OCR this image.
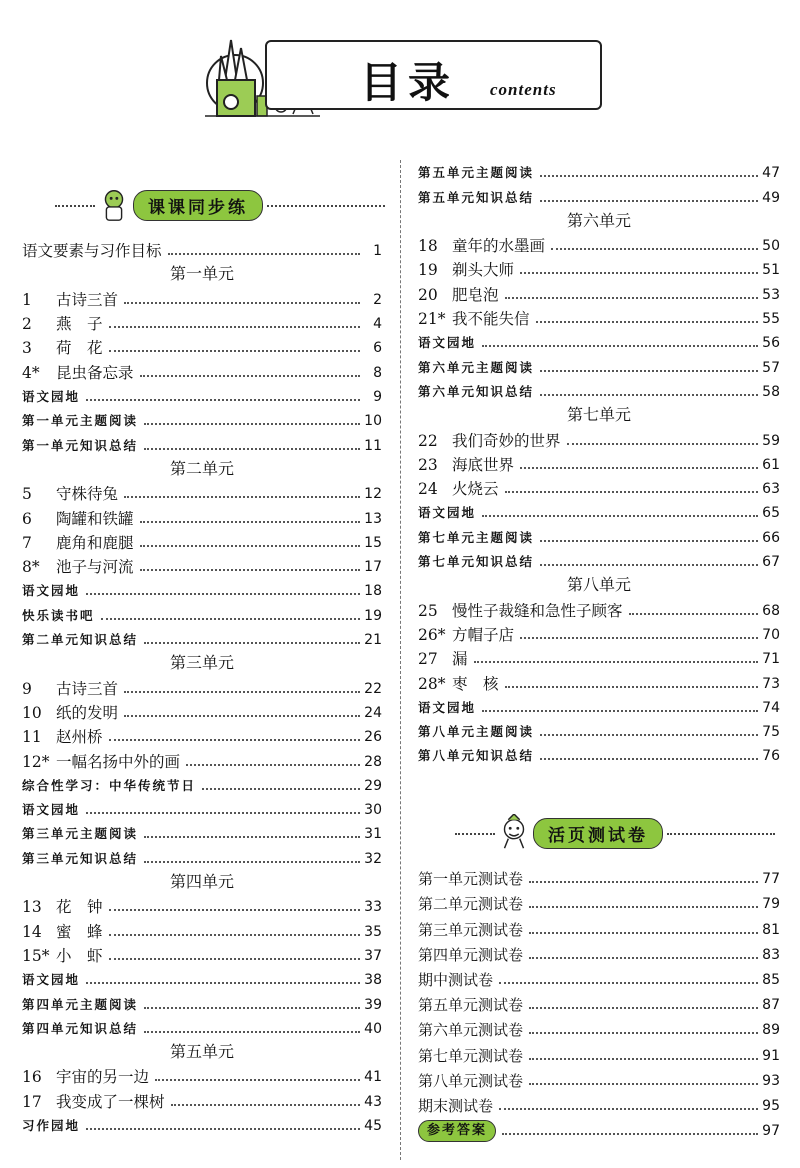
目录 contents
课课同步练
活页测试卷
语文要素与习作目标	1
第一单元
1 古诗三首	2
2 燕　子	4
3 荷　花	6
4* 昆虫备忘录	8
语文园地	9
第一单元主题阅读	10
第一单元知识总结	11
第二单元
5 守株待兔	12
6 陶罐和铁罐	13
7 鹿角和鹿腿	15
8* 池子与河流	17
语文园地	18
快乐读书吧	19
第二单元知识总结	21
第三单元
9 古诗三首	22
10 纸的发明	24
11 赵州桥	26
12* 一幅名扬中外的画	28
综合性学习：中华传统节日	29
语文园地	30
第三单元主题阅读	31
第三单元知识总结	32
第四单元
13 花　钟	33
14 蜜　蜂	35
15* 小　虾	37
语文园地	38
第四单元主题阅读	39
第四单元知识总结	40
第五单元
16 宇宙的另一边	41
17 我变成了一棵树	43
习作园地	45
第五单元主题阅读	47
第五单元知识总结	49
第六单元
18 童年的水墨画	50
19 剃头大师	51
20 肥皂泡	53
21* 我不能失信	55
语文园地	56
第六单元主题阅读	57
第六单元知识总结	58
第七单元
22 我们奇妙的世界	59
23 海底世界	61
24 火烧云	63
语文园地	65
第七单元主题阅读	66
第七单元知识总结	67
第八单元
25 慢性子裁缝和急性子顾客	68
26* 方帽子店	70
27 漏	71
28* 枣　核	73
语文园地	74
第八单元主题阅读	75
第八单元知识总结	76
第一单元测试卷	77
第二单元测试卷	79
第三单元测试卷	81
第四单元测试卷	83
期中测试卷	85
第五单元测试卷	87
第六单元测试卷	89
第七单元测试卷	91
第八单元测试卷	93
期末测试卷	95
参考答案	97
